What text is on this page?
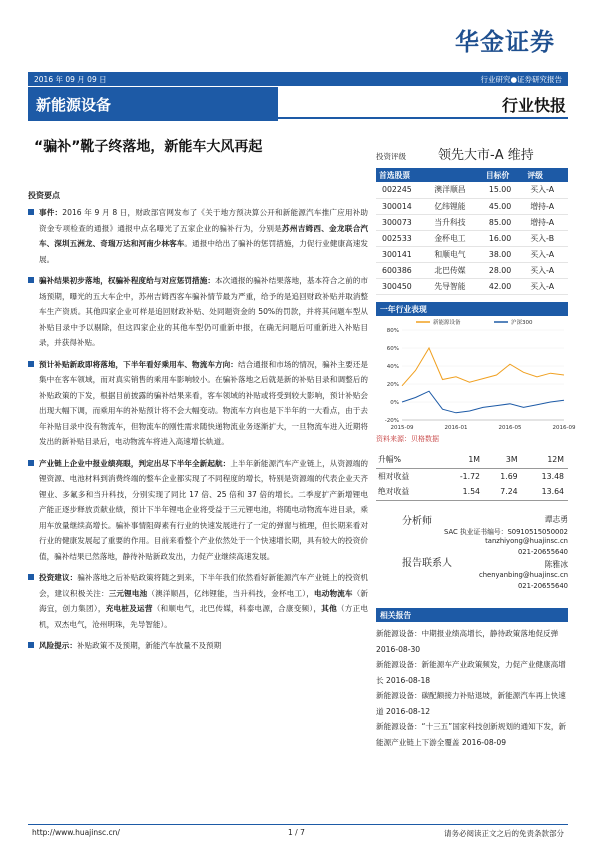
华金证券
2016 年 09 月 09 日	行业研究●证券研究报告
新能源设备	行业快报
“骗补”靴子终落地，新能车大风再起
投资要点
事件：2016 年 9 月 8 日，财政部官网发布了《关于地方预决算公开和新能源汽车推广应用补助资金专项检查的通报》通报中点名曝光了五家企业的骗补行为，分别是苏州吉姆西、金龙联合汽车、深圳五洲龙、奇瑞万达和河南少林客车。通报中给出了骗补的惩罚措施，力促行业健康高速发展。
骗补结果初步落地，权骗补程度给与对应惩罚措施：本次通报的骗补结果落地，基本符合之前的市场预期，曝光的五大车企中，苏州吉姆西客车骗补情节最为严重，给予的是追回财政补贴并取消整车生产资质。其他四家企业可样是追回财政补贴、处同题资金的 50%的罚款，并将其问题车型从补贴目录中予以剔除，但这四家企业的其他车型仍可重新申报，在确无问题后可重新进入补贴目录，并获得补贴。
预计补贴新政即将落地，下半年看好乘用车、物流车方向：结合通报和市场的情况，骗补主要还是集中在客车领域，而对真实销售的乘用车影响较小。在骗补落地之后就是新的补贴目录和调整后的补贴政策的下发，根据目前披露的骗补结果来看，客车领域的补贴或将受到较大影响，预计补贴会出现大幅下调，而乘用车的补贴预计将不会大幅变动。物流车方向也是下半年的一大看点，由于去年补贴目录中没有物流车，但物流车的刚性需求随快递物流业务逐渐扩大，一旦物流车进入近期将发出的新补贴目录后，电动物流车将进入高速增长轨道。
产业链上企业中报业绩亮眼，判定出尽下半年全新起航：上半年新能源汽车产业链上，从资源端的锂资源、电池材料到消费终端的整车企业都实现了不同程度的增长，特别是资源端的代表企业天齐锂业、多氟多和当升科技，分别实现了同比 17 倍、25 倍和 37 倍的增长。二季度扩产新增锂电产能正逐步释放贡献业绩，预计下半年锂电企业将受益于三元锂电池，将随电动物流车进目录，乘用车放量继续高增长。骗补事情阻碍素有行业的快速发展进行了一定的弹窗与梳理，但长期来看对行业的健康发展起了重要的作用。目前来看整个产业依然处于一个快速增长期，具有较大的投资价值，骗补结果已然落地，静待补贴新政发出，力促产业继续高速发展。
投资建议：骗补落地之后补贴政策将随之到来，下半年我们依然看好新能源汽车产业链上的投资机会，建议积极关注：三元锂电池（澳洋顺昌，亿纬锂能，当升科技，金杯电工），电动物流车（新海宜，创力集团），充电桩及运营（和顺电气，北巴传媒，科泰电源，合康变频），其他（方正电机，双杰电气，沧州明珠，先导智能）。
风险提示：补贴政策不及预期，新能汽车放量不及预期
投资评级 领先大市-A 维持
首选股票		目标价	评级
002245	澳洋顺昌	15.00	买入-A
300014	亿纬锂能	45.00	增持-A
300073	当升科技	85.00	增持-A
002533	金杯电工	16.00	买入-B
300141	和顺电气	38.00	买入-A
600386	北巴传媒	28.00	买入-A
300450	先导智能	42.00	买入-A
一年行业表现
80%
60%
40%
20%
0%
-20%
2015-09	2016-01	2016-05	2016-09
新能源设备	沪深300
资料来源：贝格数据
升幅%	1M	3M	12M
相对收益	-1.72	1.69	13.48
绝对收益	1.54	7.24	13.64
分析师	谭志勇
SAC 执业证书编号：S0910515050002
tanzhiyong@huajinsc.cn
021-20655640
报告联系人	陈雅冰
chenyanbing@huajinsc.cn
021-20655640
相关报告
新能源设备：中期报业绩高增长，静待政策落地促反弹 2016-08-30
新能源设备：新能源车产业政策频发，力促产业健康高增长 2016-08-18
新能源设备：碳配额接力补贴退坡，新能源汽车再上快速道 2016-08-12
新能源设备：“十三五”国家科技创新规划的通知下发，新能源产业链上下游全覆盖 2016-08-09
http://www.huajinsc.cn/	1 / 7	请务必阅读正文之后的免责条款部分
